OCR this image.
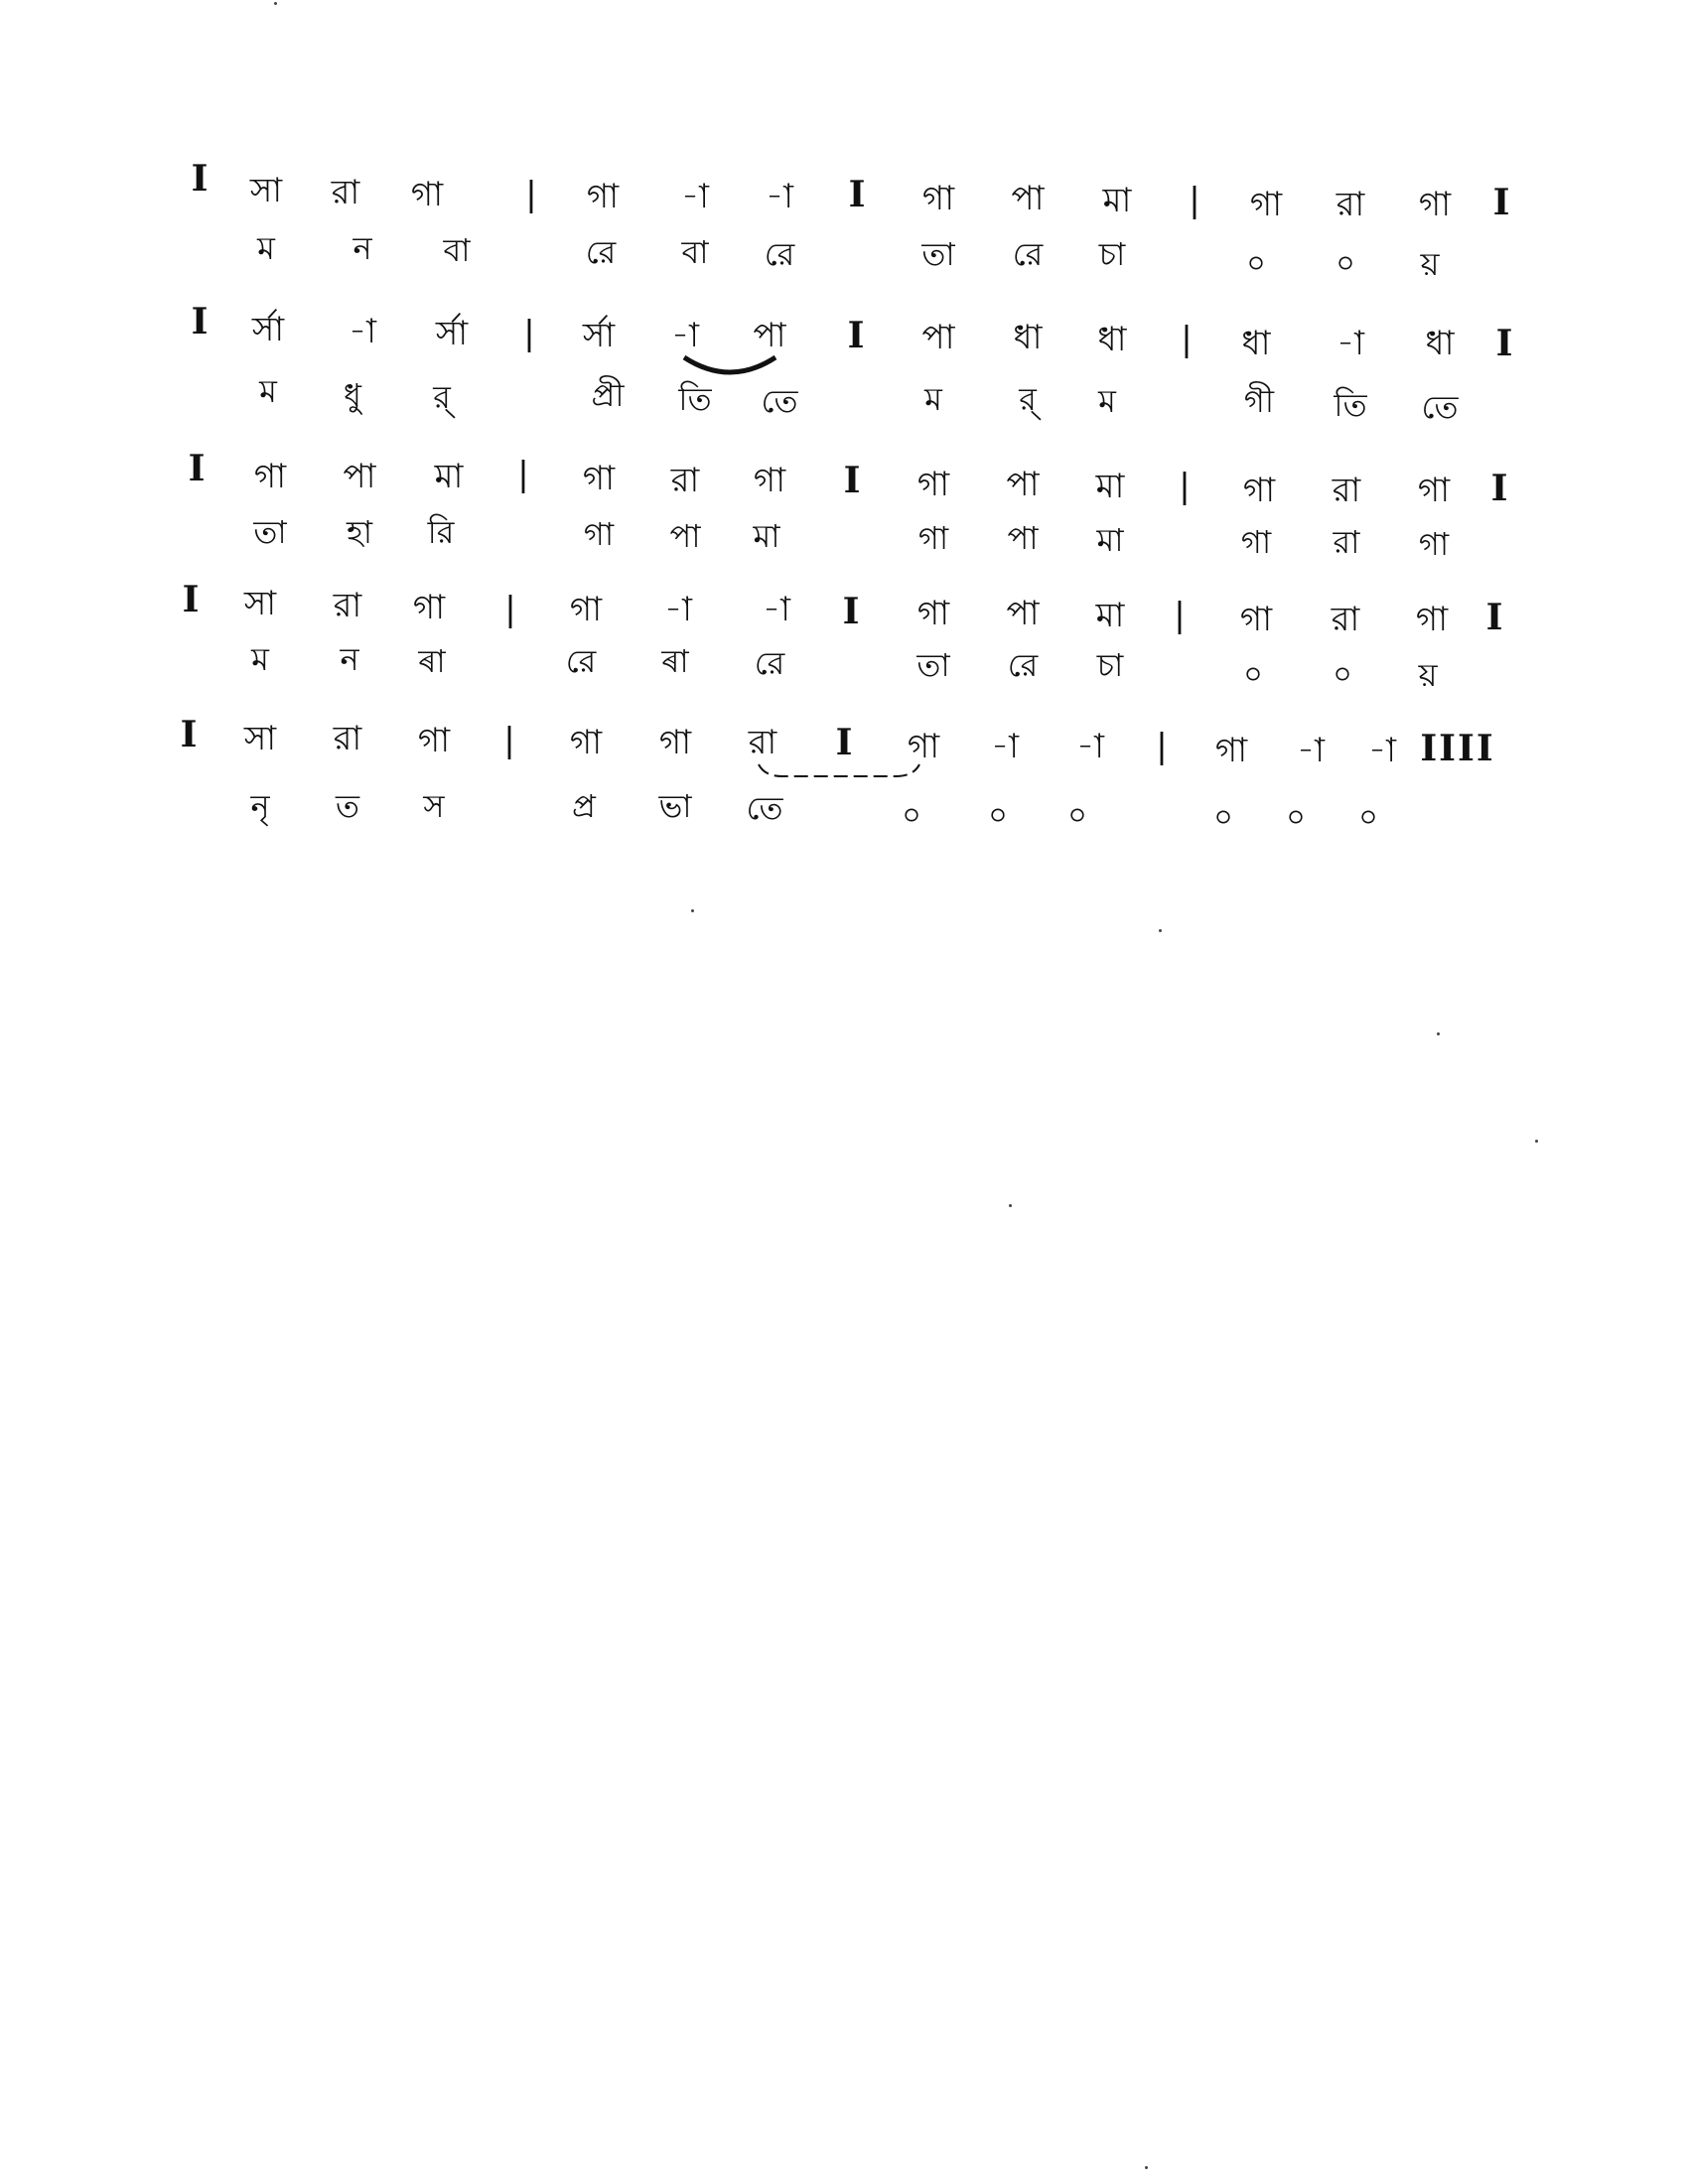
I সা রা গা | গা -া -া I গা পা মা | গা রা গা I
ম ন বা	রে বা রে	তা রে চা	০ ০ য়
I র্সা -া র্সা | র্সা -া পা I পা ধা ধা | ধা -া ধা I
ম ধু র্	প্রী তি তে	ম র্ ম	গী তি তে
I গা পা মা | গা রা গা I গা পা মা | গা রা গা I
তা হা রি	গা পা মা	গা পা মা	গা রা গা
I সা রা গা | গা -া -া I গা পা মা | গা রা গা I
ম ন ৰা	রে ৰা রে	তা রে চা	০ ০ য়
I সা রা গা | গা গা রা I গা -া -া | গা -া -া IIII
নৃ ত স	প্র ভা তে	০ ০ ০	০ ০ ০
